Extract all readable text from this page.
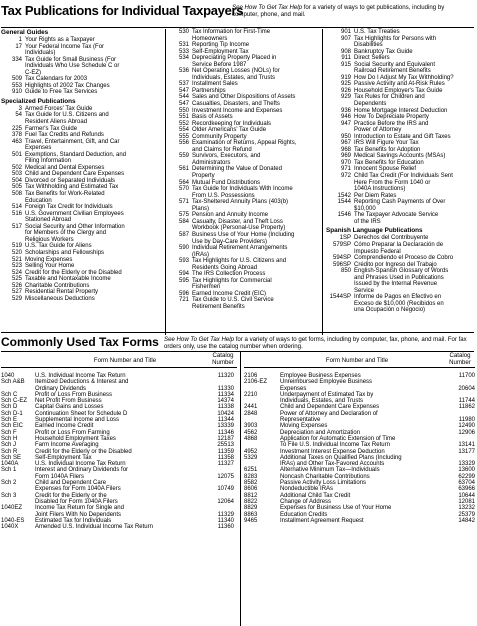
Tax Publications for Individual Taxpayers
See How To Get Tax Help for a variety of ways to get publications, including by computer, phone, and mail.
General Guides
1 Your Rights as a Taxpayer
17 Your Federal Income Tax (For
Individuals)
334 Tax Guide for Small Business (For
Individuals Who Use Schedule C or
C-EZ)
509 Tax Calendars for 2003
553 Highlights of 2002 Tax Changes
910 Guide to Free Tax Services
Specialized Publications
3 Armed Forces' Tax Guide
54 Tax Guide for U.S. Citizens and
Resident Aliens Abroad
225 Farmer's Tax Guide
378 Fuel Tax Credits and Refunds
463 Travel, Entertainment, Gift, and Car
Expenses
501 Exemptions, Standard Deduction, and
Filing Information
502 Medical and Dental Expenses
503 Child and Dependent Care Expenses
504 Divorced or Separated Individuals
505 Tax Withholding and Estimated Tax
508 Tax Benefits for Work-Related
Education
514 Foreign Tax Credit for Individuals
516 U.S. Government Civilian Employees
Stationed Abroad
517 Social Security and Other Information
for Members of the Clergy and
Religious Workers
519 U.S. Tax Guide for Aliens
520 Scholarships and Fellowships
521 Moving Expenses
523 Selling Your Home
524 Credit for the Elderly or the Disabled
525 Taxable and Nontaxable Income
526 Charitable Contributions
527 Residential Rental Property
529 Miscellaneous Deductions
530 Tax Information for First-Time
Homeowners
531 Reporting Tip Income
533 Self-Employment Tax
534 Depreciating Property Placed in
Service Before 1987
536 Net Operating Losses (NOLs) for
Individuals, Estates, and Trusts
537 Installment Sales
547 Partnerships
544 Sales and Other Dispositions of Assets
547 Casualties, Disasters, and Thefts
550 Investment Income and Expenses
551 Basis of Assets
552 Recordkeeping for Individuals
554 Older Americans' Tax Guide
555 Community Property
556 Examination of Returns, Appeal Rights,
and Claims for Refund
559 Survivors, Executors, and
Administrators
561 Determining the Value of Donated
Property
564 Mutual Fund Distributions
570 Tax Guide for Individuals With Income
From U.S. Possessions
571 Tax-Sheltered Annuity Plans (403(b)
Plans)
575 Pension and Annuity Income
584 Casualty, Disaster, and Theft Loss
Workbook (Personal-Use Property)
587 Business Use of Your Home (Including
Use by Day-Care Providers)
590 Individual Retirement Arrangements
(IRAs)
593 Tax Highlights for U.S. Citizens and
Residents Going Abroad
594 The IRS Collection Process
595 Tax Highlights for Commercial
Fishermen
596 Earned Income Credit (EIC)
721 Tax Guide to U.S. Civil Service
Retirement Benefits
901 U.S. Tax Treaties
907 Tax Highlights for Persons with
Disabilities
908 Bankruptcy Tax Guide
911 Direct Sellers
915 Social Security and Equivalent
Railroad Retirement Benefits
919 How Do I Adjust My Tax Withholding?
925 Passive Activity and At-Risk Rules
926 Household Employer's Tax Guide
929 Tax Rules for Children and
Dependents
936 Home Mortgage Interest Deduction
946 How To Depreciate Property
947 Practice Before the IRS and
Power of Attorney
950 Introduction to Estate and Gift Taxes
967 IRS Will Figure Your Tax
968 Tax Benefits for Adoption
969 Medical Savings Accounts (MSAs)
970 Tax Benefits for Education
971 Innocent Spouse Relief
972 Child Tax Credit (For Individuals Sent
Here From the Form 1040 or
1040A Instructions)
1542 Per Diem Rates
1544 Reporting Cash Payments of Over
$10,000
1546 The Taxpayer Advocate Service
of the IRS
Spanish Language Publications
1SP Derechos del Contribuyente
579SP Cómo Preparar la Declaración de
Impuesto Federal
594SP Comprendiendo el Proceso de Cobro
596SP Crédito por Ingreso del Trabajo
850 English-Spanish Glossary of Words
and Phrases Used in Publications
Issued by the Internal Revenue
Service
1544SP Informe de Pagos en Efectivo en
Exceso de $10,000 (Recibidos en
una Ocupación o Negocio)
Commonly Used Tax Forms See How To Get Tax Help for a variety of ways to get forms, including by computer, fax, phone, and mail. For fax orders only, use the catalog number when ordering.
Form Number and Title
Catalog
Number	Form Number and Title
Catalog
Number
1040	U.S. Individual Income Tax Return	11320
Sch A&B	Itemized Deductions & Interest and
Ordinary Dividends	11330
Sch C	Profit or Loss From Business	11334
Sch C-EZ	Net Profit From Business	14374
Sch D	Capital Gains and Losses	11338
Sch D-1	Continuation Sheet for Schedule D	10424
Sch E	Supplemental Income and Loss	11344
Sch EIC	Earned Income Credit	13339
Sch F	Profit or Loss From Farming	11346
Sch H	Household Employment Taxes	12187
Sch J	Farm Income Averaging	25513
Sch R	Credit for the Elderly or the Disabled	11359
Sch SE	Self-Employment Tax	11358
1040A	U.S. Individual Income Tax Return	11327
Sch 1	Interest and Ordinary Dividends for
Form 1040A Filers	12075
Sch 2	Child and Dependent Care
Expenses for Form 1040A Filers	10749
Sch 3	Credit for the Elderly or the
Disabled for Form 1040A Filers	12064
1040EZ	Income Tax Return for Single and
Joint Filers With No Dependents	11329
1040-ES	Estimated Tax for Individuals	11340
1040X	Amended U.S. Individual Income Tax Return	11360
2106	Employee Business Expenses	11700
2106-EZ	Unreimbursed Employee Business
Expenses	20604
2210	Underpayment of Estimated Tax by
Individuals, Estates, and Trusts	11744
2441	Child and Dependent Care Expenses	11862
2848	Power of Attorney and Declaration of
Representative	11980
3903	Moving Expenses	12490
4562	Depreciation and Amortization	12906
4868	Application for Automatic Extension of Time
To File U.S. Individual Income Tax Return	13141
4952	Investment Interest Expense Deduction	13177
5329	Additional Taxes on Qualified Plans (Including
IRAs) and Other Tax-Favored Accounts	13329
6251	Alternative Minimum Tax—Individuals	13600
8283	Noncash Charitable Contributions	62299
8582	Passive Activity Loss Limitations	63704
8606	Nondeductible IRAs	63966
8812	Additional Child Tax Credit	10644
8822	Change of Address	12081
8829	Expenses for Business Use of Your Home	13232
8863	Education Credits	25379
9465	Installment Agreement Request	14842
